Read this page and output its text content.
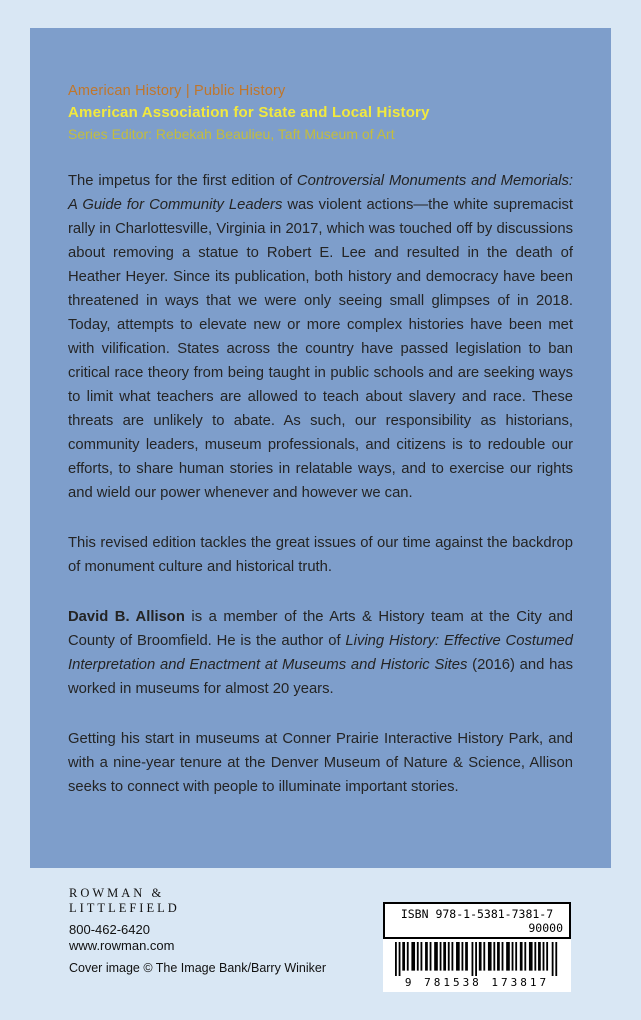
American History | Public History
American Association for State and Local History
Series Editor: Rebekah Beaulieu, Taft Museum of Art

The impetus for the first edition of Controversial Monuments and Memorials: A Guide for Community Leaders was violent actions—the white supremacist rally in Charlottesville, Virginia in 2017, which was touched off by discussions about removing a statue to Robert E. Lee and resulted in the death of Heather Heyer. Since its publication, both history and democracy have been threatened in ways that we were only seeing small glimpses of in 2018. Today, attempts to elevate new or more complex histories have been met with vilification. States across the country have passed legislation to ban critical race theory from being taught in public schools and are seeking ways to limit what teachers are allowed to teach about slavery and race. These threats are unlikely to abate. As such, our responsibility as historians, community leaders, museum professionals, and citizens is to redouble our efforts, to share human stories in relatable ways, and to exercise our rights and wield our power whenever and however we can.

This revised edition tackles the great issues of our time against the backdrop of monument culture and historical truth.

David B. Allison is a member of the Arts & History team at the City and County of Broomfield. He is the author of Living History: Effective Costumed Interpretation and Enactment at Museums and Historic Sites (2016) and has worked in museums for almost 20 years.

Getting his start in museums at Conner Prairie Interactive History Park, and with a nine-year tenure at the Denver Museum of Nature & Science, Allison seeks to connect with people to illuminate important stories.

ROWMAN &
LITTLEFIELD
800-462-6420
www.rowman.com
Cover image © The Image Bank/Barry Winiker
ISBN 978-1-5381-7381-7
90000
9 781538 173817
